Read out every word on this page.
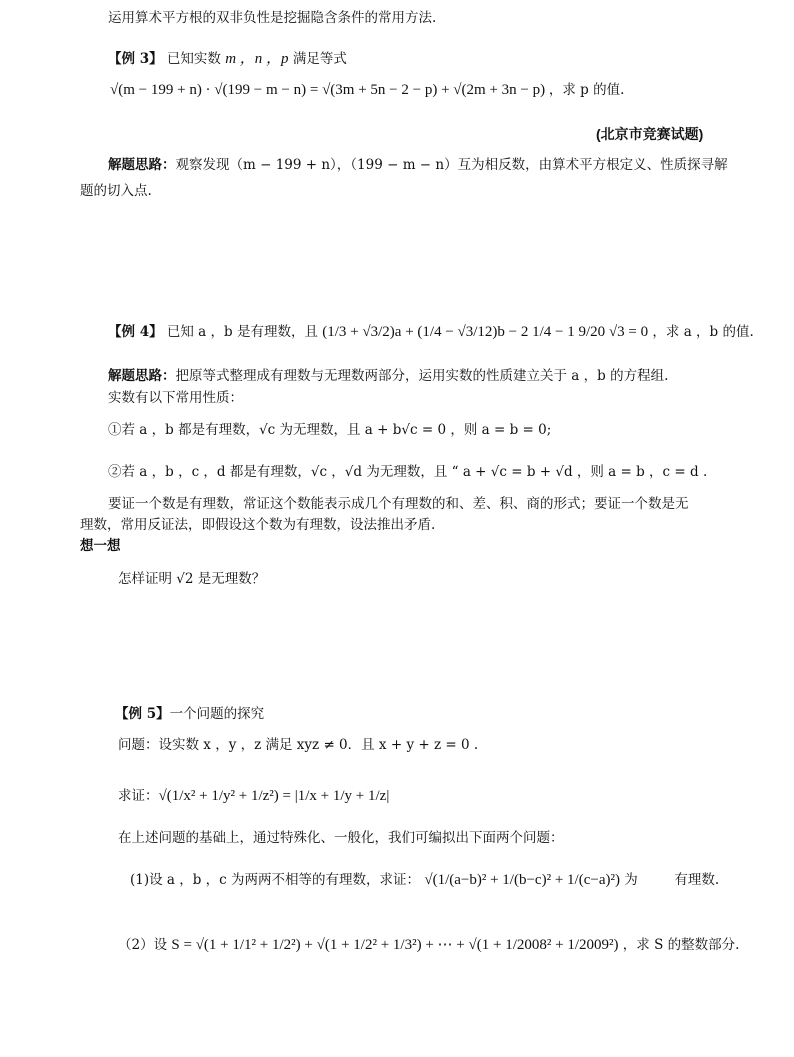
运用算术平方根的双非负性是挖掘隐含条件的常用方法.
【例 3】 已知实数 m ，n ，p 满足等式
√(m − 199 + n) · √(199 − m − n) = √(3m + 5n − 2 − p) + √(2m + 3n − p) ，求 p 的值.
(北京市竞赛试题)
解题思路：观察发现（m − 199 + n），（199 − m − n）互为相反数，由算术平方根定义、性质探寻解
题的切入点.
【例 4】 已知 a ，b 是有理数，且 (1/3 + √3/2)a + (1/4 − √3/12)b − 2 1/4 − 1 9/20 √3 = 0 ，求 a ，b 的值.
解题思路：把原等式整理成有理数与无理数两部分，运用实数的性质建立关于 a ，b 的方程组.
实数有以下常用性质：
①若 a ，b 都是有理数，√c 为无理数，且 a + b√c = 0 ，则 a = b = 0;
②若 a ，b ，c ，d 都是有理数，√c ，√d 为无理数，且 “ a + √c = b + √d ，则 a = b ，c = d .
要证一个数是有理数，常证这个数能表示成几个有理数的和、差、积、商的形式；要证一个数是无
理数，常用反证法，即假设这个数为有理数，设法推出矛盾.
想一想
怎样证明 √2 是无理数？
【例 5】一个问题的探究
问题：设实数 x ，y ，z 满足 xyz ≠ 0．且 x + y + z = 0 .
求证：√(1/x² + 1/y² + 1/z²) = |1/x + 1/y + 1/z|
在上述问题的基础上，通过特殊化、一般化，我们可编拟出下面两个问题：
(1)设 a ，b ，c 为两两不相等的有理数，求证： √(1/(a−b)² + 1/(b−c)² + 1/(c−a)²) 为	有理数.
（2）设 S = √(1 + 1/1² + 1/2²) + √(1 + 1/2² + 1/3²) + ⋯ + √(1 + 1/2008² + 1/2009²) ，求 S 的整数部分.
